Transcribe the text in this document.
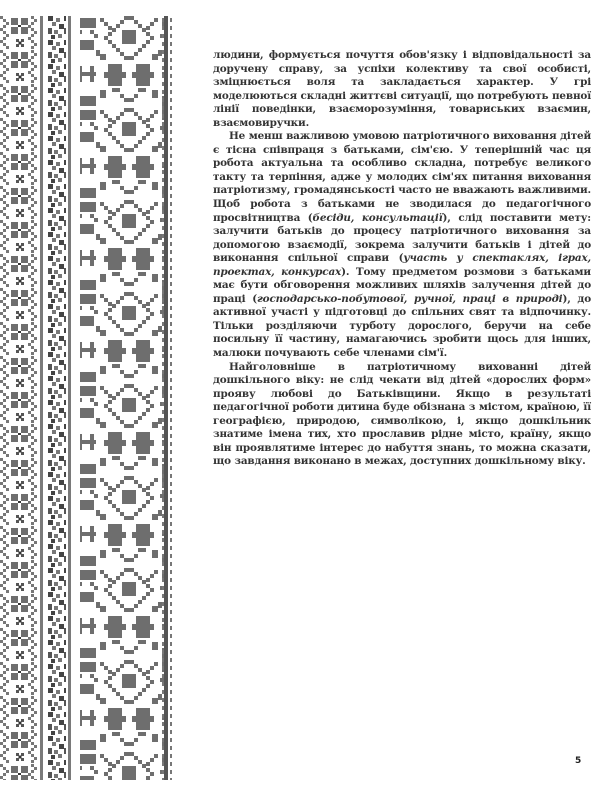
людини, формується почуття обов'язку і відповідальності за доручену справу, за успіхи колективу та свої особисті, зміцнюється воля та закладається характер. У грі моделюються складні життєві ситуації, що потребують певної лінії поведінки, взаєморозуміння, товариських взаємин, взаємовиручки.

Не менш важливою умовою патріотичного виховання дітей є тісна співпраця з батьками, сім'єю. У теперішній час ця робота актуальна та особливо складна, потребує великого такту та терпіння, адже у молодих сім'ях питання виховання патріотизму, громадянськості часто не вважають важливими. Щоб робота з батьками не зводилася до педагогічного просвітництва (бесіди, консультації), слід поставити мету: залучити батьків до процесу патріотичного виховання за допомогою взаємодії, зокрема залучити батьків і дітей до виконання спільної справи (участь у спектаклях, іграх, проектах, конкурсах). Тому предметом розмови з батьками має бути обговорення можливих шляхів залучення дітей до праці (господарсько-побутової, ручної, праці в природі), до активної участі у підготовці до спільних свят та відпочинку. Тільки розділяючи турботу дорослого, беручи на себе посильну її частину, намагаючись зробити щось для інших, малюки почувають себе членами сім'ї.

Найголовніше в патріотичному вихованні дітей дошкільного віку: не слід чекати від дітей «дорослих форм» прояву любові до Батьківщини. Якщо в результаті педагогічної роботи дитина буде обізнана з містом, країною, її географією, природою, символікою, і, якщо дошкільник знатиме імена тих, хто прославив рідне місто, країну, якщо він проявлятиме інтерес до набуття знань, то можна сказати, що завдання виконано в межах, доступних дошкільному віку.

5
